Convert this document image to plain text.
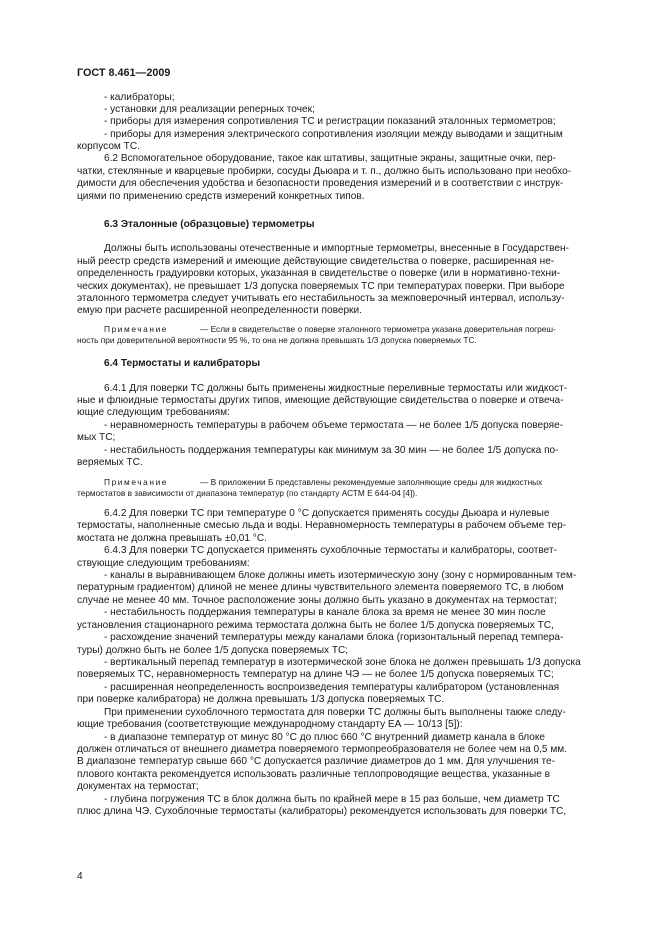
ГОСТ 8.461—2009

- калибраторы;

- установки для реализации реперных точек;

- приборы для измерения сопротивления ТС и регистрации показаний эталонных термометров;

- приборы для измерения электрического сопротивления изоляции между выводами и защитным

корпусом ТС.

6.2 Вспомогательное оборудование, такое как штативы, защитные экраны, защитные очки, пер-

чатки, стеклянные и кварцевые пробирки, сосуды Дьюара и т. п., должно быть использовано при необхо-

димости для обеспечения удобства и безопасности проведения измерений и в соответствии с инструк-

циями по применению средств измерений конкретных типов.

6.3 Эталонные (образцовые) термометры

Должны быть использованы отечественные и импортные термометры, внесенные в Государствен-

ный реестр средств измерений и имеющие действующие свидетельства о поверке, расширенная не-

определенность градуировки которых, указанная в свидетельстве о поверке (или в нормативно-техни-

ческих документах), не превышает 1/3 допуска поверяемых ТС при температурах поверки. При выборе

эталонного термометра следует учитывать его нестабильность за межповерочный интервал, использу-

емую при расчете расширенной неопределенности поверки.

Примечание	— Если в свидетельстве о поверке эталонного термометра указана доверительная погреш-

ность при доверительной вероятности 95 %, то она не должна превышать 1/3 допуска поверяемых ТС.

6.4 Термостаты и калибраторы

6.4.1 Для поверки ТС должны быть применены жидкостные переливные термостаты или жидкост-

ные и флюидные термостаты других типов, имеющие действующие свидетельства о поверке и отвеча-

ющие следующим требованиям:

- неравномерность температуры в рабочем объеме термостата — не более 1/5 допуска поверяе-

мых ТС;

- нестабильность поддержания температуры как минимум за 30 мин — не более 1/5 допуска по-

веряемых ТС.

Примечание	— В приложении Б представлены рекомендуемые заполняющие среды для жидкостных

термостатов в зависимости от диапазона температур (по стандарту АСТМ Е 644-04 [4]).

6.4.2 Для поверки ТС при температуре 0 °С допускается применять сосуды Дьюара и нулевые

термостаты, наполненные смесью льда и воды. Неравномерность температуры в рабочем объеме тер-

мостата не должна превышать ±0,01 °С.

6.4.3 Для поверки ТС допускается применять сухоблочные термостаты и калибраторы, соответ-

ствующие следующим требованиям:

- каналы в выравнивающем блоке должны иметь изотермическую зону (зону с нормированным тем-

пературным градиентом) длиной не менее длины чувствительного элемента поверяемого ТС, в любом

случае не менее 40 мм. Точное расположение зоны должно быть указано в документах на термостат;

- нестабильность поддержания температуры в канале блока за время не менее 30 мин после

установления стационарного режима термостата должна быть не более 1/5 допуска поверяемых ТС,

- расхождение значений температуры между каналами блока (горизонтальный перепад темпера-

туры) должно быть не более 1/5 допуска поверяемых ТС;

- вертикальный перепад температур в изотермической зоне блока не должен превышать 1/3 допуска

поверяемых ТС, неравномерность температур на длине ЧЭ — не более 1/5 допуска поверяемых ТС;

- расширенная неопределенность воспроизведения температуры калибратором (установленная

при поверке калибратора) не должна превышать 1/3 допуска поверяемых ТС.

При применении сухоблочного термостата для поверки ТС должны быть выполнены также следу-

ющие требования (соответствующие международному стандарту ЕА — 10/13 [5]):

- в диапазоне температур от минус 80 °С до плюс 660 °С внутренний диаметр канала в блоке

должен отличаться от внешнего диаметра поверяемого термопреобразователя не более чем на 0,5 мм.

В диапазоне температур свыше 660 °С допускается различие диаметров до 1 мм. Для улучшения те-

плового контакта рекомендуется использовать различные теплопроводящие вещества, указанные в

документах на термостат;

- глубина погружения ТС в блок должна быть по крайней мере в 15 раз больше, чем диаметр ТС

плюс длина ЧЭ. Сухоблочные термостаты (калибраторы) рекомендуется использовать для поверки ТС,

4
